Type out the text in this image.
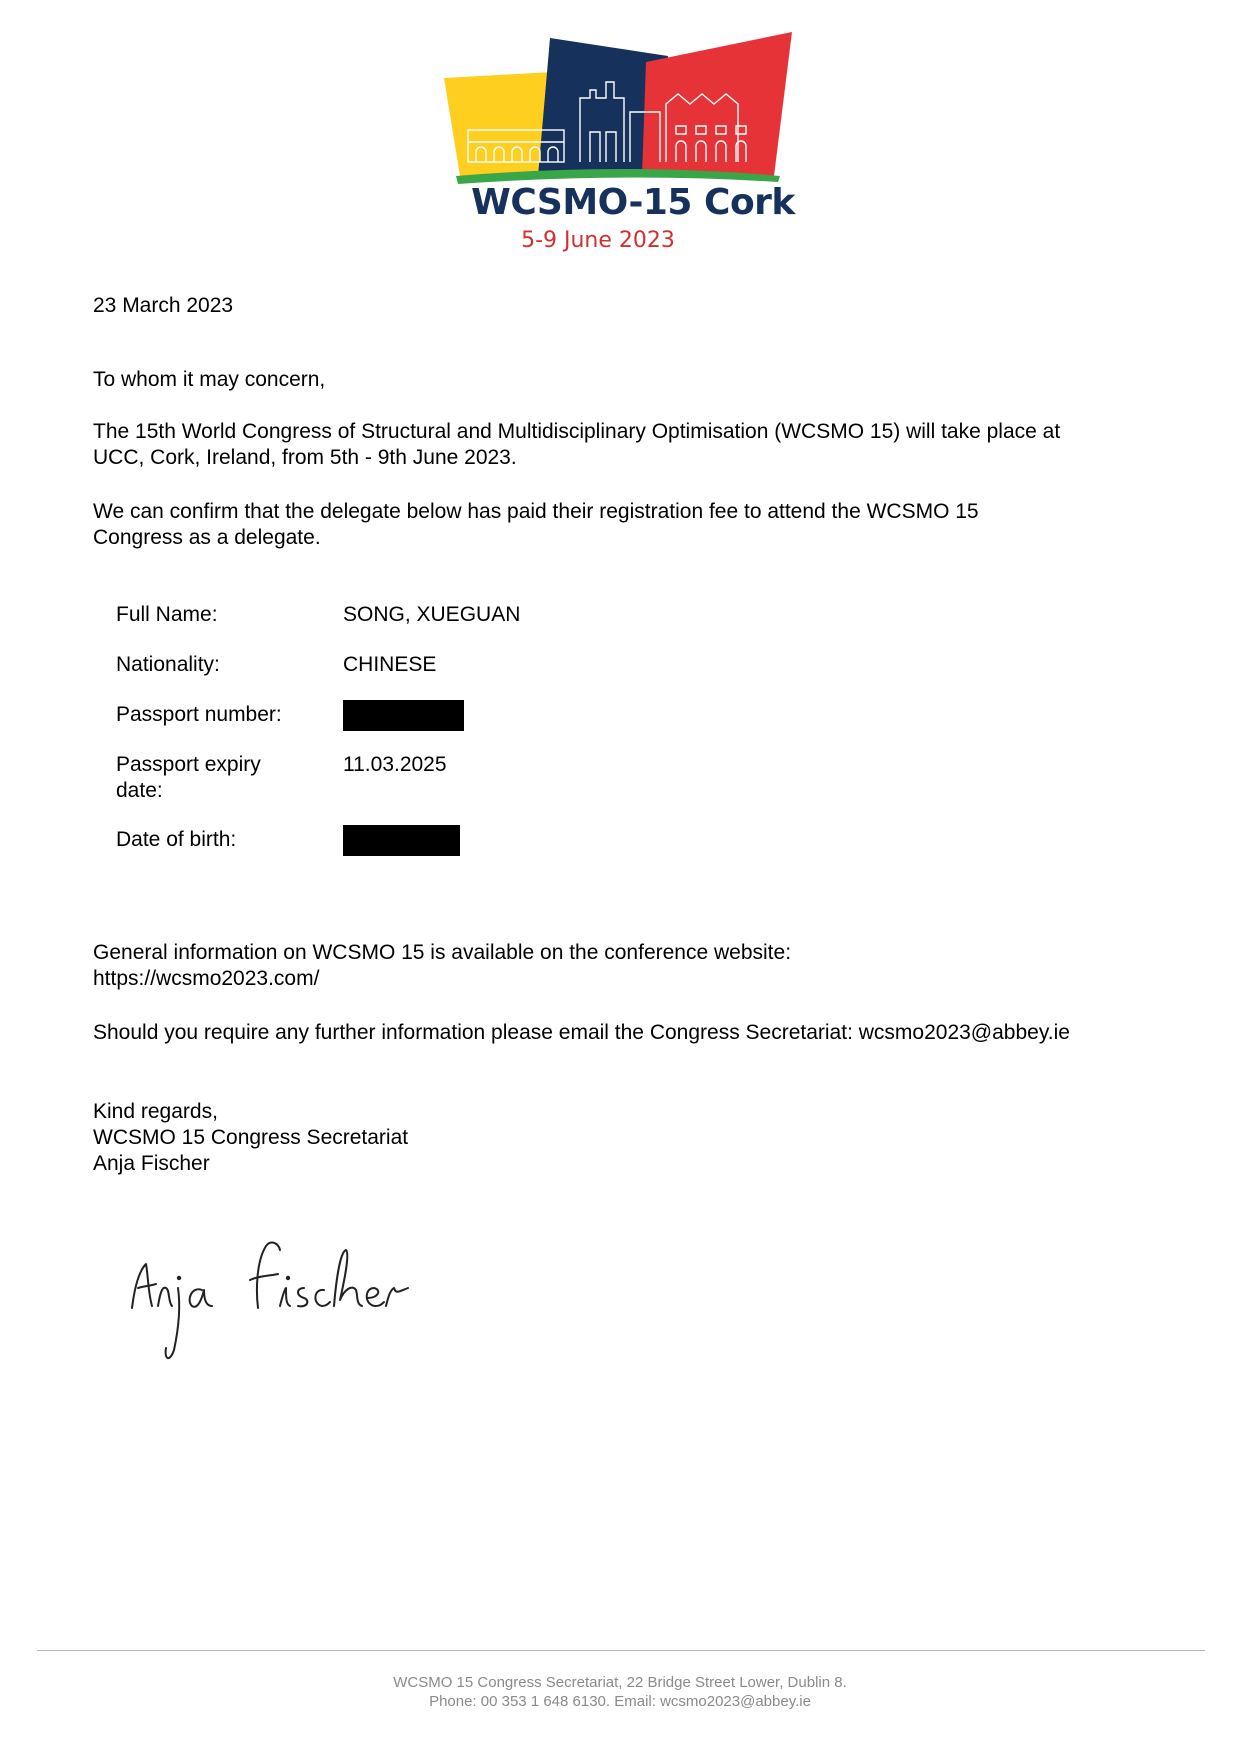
WCSMO-15 Cork
5-9 June 2023
23 March 2023
To whom it may concern,
The 15th World Congress of Structural and Multidisciplinary Optimisation (WCSMO 15) will take place at
UCC, Cork, Ireland, from 5th - 9th June 2023.
We can confirm that the delegate below has paid their registration fee to attend the WCSMO 15
Congress as a delegate.
Full Name:	SONG, XUEGUAN
Nationality:	CHINESE
Passport number:
Passport expiry
date:
11.03.2025
Date of birth:
General information on WCSMO 15 is available on the conference website:
https://wcsmo2023.com/
Should you require any further information please email the Congress Secretariat: wcsmo2023@abbey.ie
Kind regards,
WCSMO 15 Congress Secretariat
Anja Fischer
WCSMO 15 Congress Secretariat, 22 Bridge Street Lower, Dublin 8.
Phone: 00 353 1 648 6130. Email: wcsmo2023@abbey.ie
